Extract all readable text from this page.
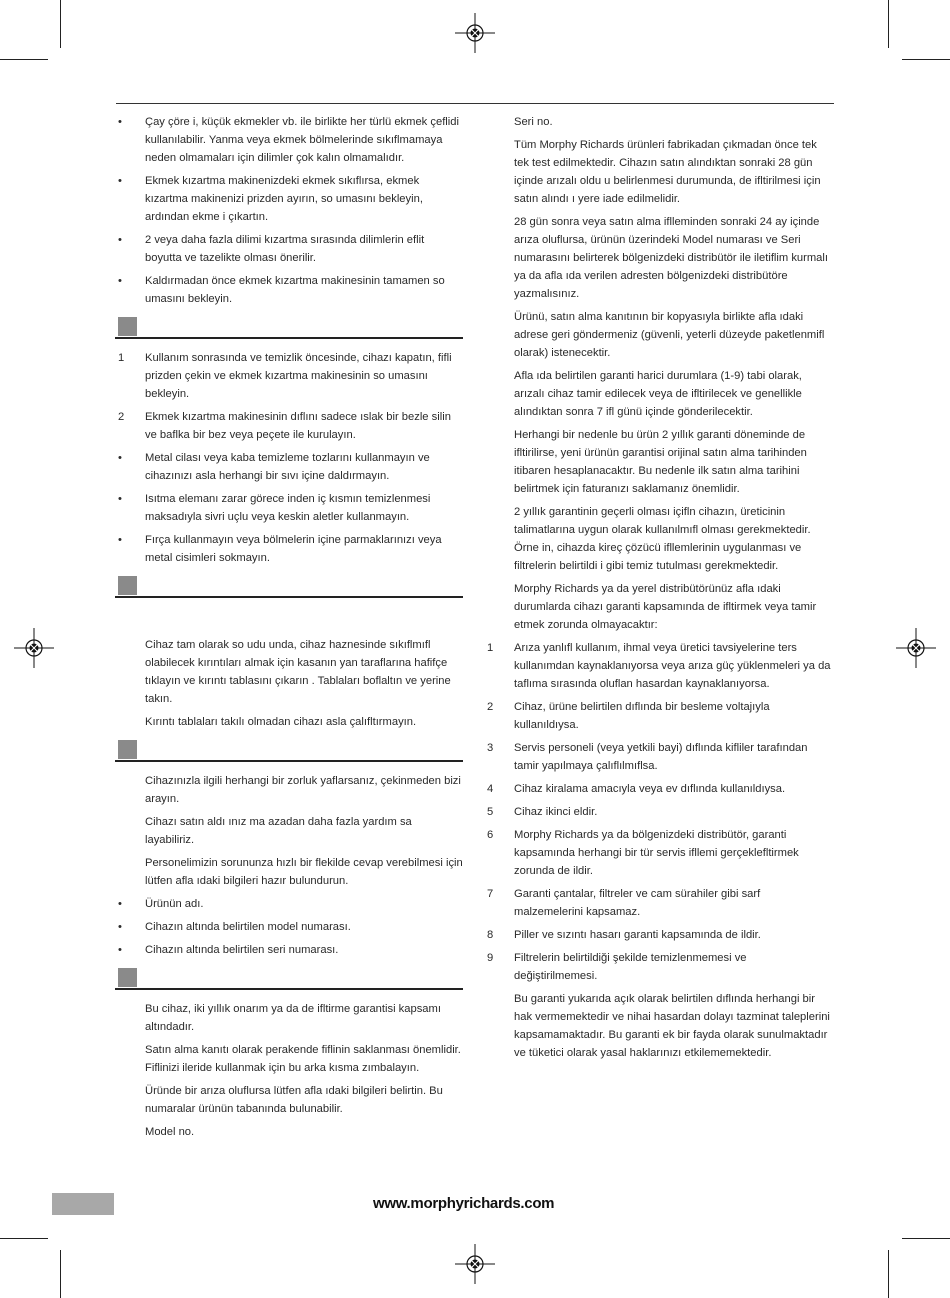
• Çay çöre i, küçük ekmekler vb. ile birlikte her türlü ekmek çeflidi kullanılabilir. Yanma veya ekmek bölmelerinde sıkıflmamaya neden olmamaları için dilimler çok kalın olmamalıdır.
• Ekmek kızartma makinenizdeki ekmek sıkıflırsa, ekmek kızartma makinenizi prizden ayırın, so umasını bekleyin, ardından ekme i çıkartın.
• 2 veya daha fazla dilimi kızartma sırasında dilimlerin eflit boyutta ve tazelikte olması önerilir.
• Kaldırmadan önce ekmek kızartma makinesinin tamamen so umasını bekleyin.
1 Kullanım sonrasında ve temizlik öncesinde, cihazı kapatın, fifli prizden çekin ve ekmek kızartma makinesinin so umasını bekleyin.
2 Ekmek kızartma makinesinin dıflını sadece ıslak bir bezle silin ve baflka bir bez veya peçete ile kurulayın.
• Metal cilası veya kaba temizleme tozlarını kullanmayın ve cihazınızı asla herhangi bir sıvı içine daldırmayın.
• Isıtma elemanı zarar görece inden iç kısmın temizlenmesi maksadıyla sivri uçlu veya keskin aletler kullanmayın.
• Fırça kullanmayın veya bölmelerin içine parmaklarınızı veya metal cisimleri sokmayın.

Cihaz tam olarak so udu unda, cihaz haznesinde sıkıflmıfl olabilecek kırıntıları almak için kasanın yan taraflarına hafifçe tıklayın ve kırıntı tablasını çıkarın . Tablaları boflaltın ve yerine takın.

Kırıntı tablaları takılı olmadan cihazı asla çalıfltırmayın.

Cihazınızla ilgili herhangi bir zorluk yaflarsanız, çekinmeden bizi arayın.

Cihazı satın aldı ınız ma azadan daha fazla yardım sa layabiliriz.

Personelimizin sorununza hızlı bir flekilde cevap verebilmesi için lütfen afla ıdaki bilgileri hazır bulundurun.

• Ürünün adı.
• Cihazın altında belirtilen model numarası.
• Cihazın altında belirtilen seri numarası.

Bu cihaz, iki yıllık onarım ya da de ifltirme garantisi kapsamı altındadır.

Satın alma kanıtı olarak perakende fiflinin saklanması önemlidir. Fiflinizi ileride kullanmak için bu arka kısma zımbalayın.

Üründe bir arıza oluflursa lütfen afla ıdaki bilgileri belirtin. Bu numaralar ürünün tabanında bulunabilir.

Model no.

Seri no.

Tüm Morphy Richards ürünleri fabrikadan çıkmadan önce tek tek test edilmektedir. Cihazın satın alındıktan sonraki 28 gün içinde arızalı oldu u belirlenmesi durumunda, de ifltirilmesi için satın alındı ı yere iade edilmelidir.

28 gün sonra veya satın alma iflleminden sonraki 24 ay içinde arıza oluflursa, ürünün üzerindeki Model numarası ve Seri numarasını belirterek bölgenizdeki distribütör ile iletiflim kurmalı ya da afla ıda verilen adresten bölgenizdeki distribütöre yazmalısınız.

Ürünü, satın alma kanıtının bir kopyasıyla birlikte afla ıdaki adrese geri göndermeniz (güvenli, yeterli düzeyde paketlenmifl olarak) istenecektir.

Afla ıda belirtilen garanti harici durumlara (1-9) tabi olarak, arızalı cihaz tamir edilecek veya de ifltirilecek ve genellikle alındıktan sonra 7 ifl günü içinde gönderilecektir.

Herhangi bir nedenle bu ürün 2 yıllık garanti döneminde de ifltirilirse, yeni ürünün garantisi orijinal satın alma tarihinden itibaren hesaplanacaktır. Bu nedenle ilk satın alma tarihini belirtmek için faturanızı saklamanız önemlidir.

2 yıllık garantinin geçerli olması içifln cihazın, üreticinin talimatlarına uygun olarak kullanılmıfl olması gerekmektedir. Örne in, cihazda kireç çözücü ifllemlerinin uygulanması ve filtrelerin belirtildi i gibi temiz tutulması gerekmektedir.

Morphy Richards ya da yerel distribütörünüz afla ıdaki durumlarda cihazı garanti kapsamında de ifltirmek veya tamir etmek zorunda olmayacaktır:

1 Arıza yanlıfl kullanım, ihmal veya üretici tavsiyelerine ters kullanımdan kaynaklanıyorsa veya arıza güç yüklenmeleri ya da taflıma sırasında oluflan hasardan kaynaklanıyorsa.
2 Cihaz, ürüne belirtilen dıflında bir besleme voltajıyla kullanıldıysa.
3 Servis personeli (veya yetkili bayi) dıflında kifliler tarafından tamir yapılmaya çalıflılmıflsa.
4 Cihaz kiralama amacıyla veya ev dıflında kullanıldıysa.
5 Cihaz ikinci eldir.
6 Morphy Richards ya da bölgenizdeki distribütör, garanti kapsamında herhangi bir tür servis ifllemi gerçeklefltirmek zorunda de ildir.
7 Garanti çantalar, filtreler ve cam sürahiler gibi sarf malzemelerini kapsamaz.
8 Piller ve sızıntı hasarı garanti kapsamında de ildir.
9 Filtrelerin belirtildiği şekilde temizlenmemesi ve değiştirilmemesi.

Bu garanti yukarıda açık olarak belirtilen dıflında herhangi bir hak vermemektedir ve nihai hasardan dolayı tazminat taleplerini kapsamamaktadır. Bu garanti ek bir fayda olarak sunulmaktadır ve tüketici olarak yasal haklarınızı etkilememektedir.

www.morphyrichards.com
